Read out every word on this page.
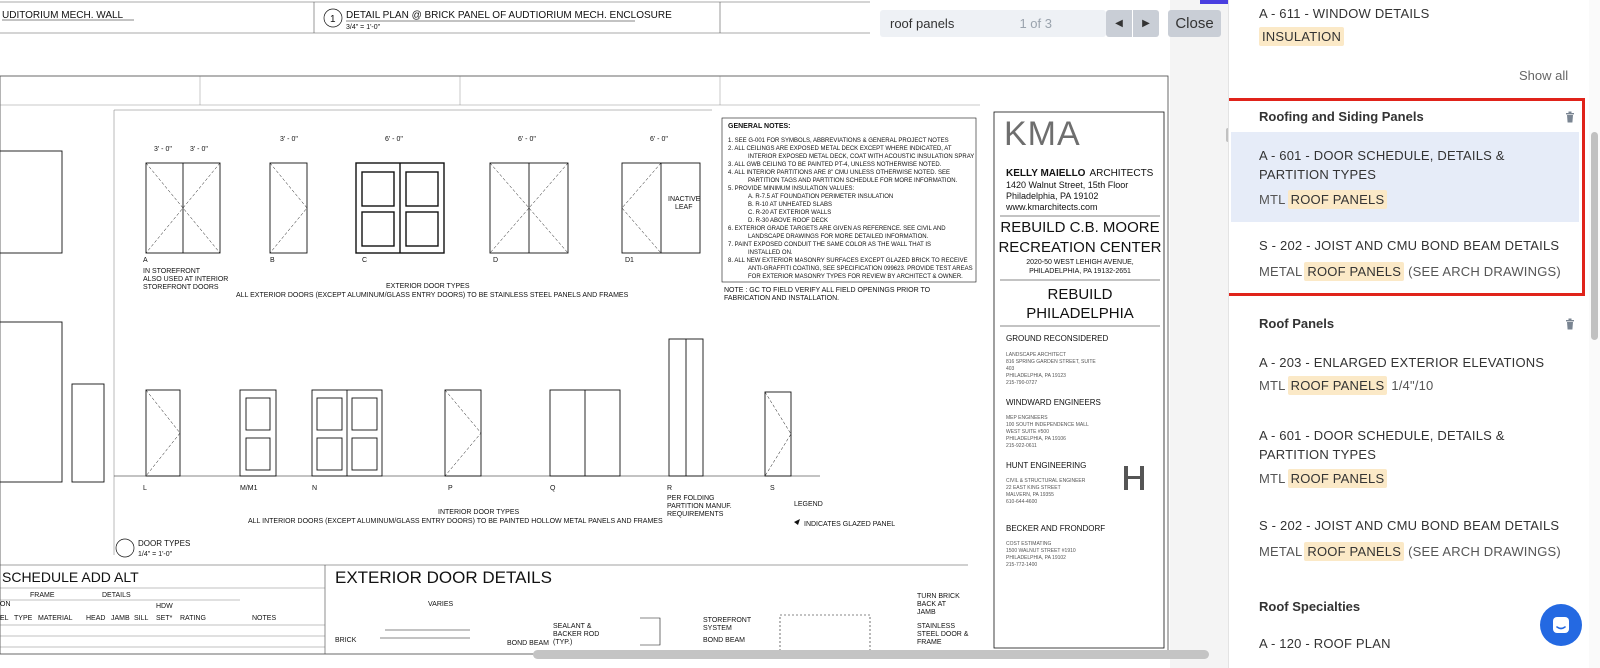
UDITORIUM MECH. WALL	1 DETAIL PLAN @ BRICK PANEL OF AUDTIORIUM MECH. ENCLOSURE
3/4" = 1'-0"
3' - 0"	3' - 0"
3' - 0"	6' - 0"	6' - 0"	6' - 0"
A	B	C	D	D1
IN STOREFRONT
ALSO USED AT INTERIOR
STOREFRONT DOORS
INACTIVE
LEAF
EXTERIOR DOOR TYPES
ALL EXTERIOR DOORS (EXCEPT ALUMINUM/GLASS ENTRY DOORS) TO BE STAINLESS STEEL PANELS AND FRAMES
L	M/M1	N	P	Q	R	S
PER FOLDING
PARTITION MANUF.
REQUIREMENTS
INTERIOR DOOR TYPES
ALL INTERIOR DOORS (EXCEPT ALUMINUM/GLASS ENTRY DOORS) TO BE PAINTED HOLLOW METAL PANELS AND FRAMES
LEGEND
INDICATES GLAZED PANEL
DOOR TYPES
1/4" = 1'-0"
SCHEDULE ADD ALT	EXTERIOR DOOR DETAILS
FRAME	DETAILS
TYPE MATERIAL HEAD JAMB SILL
HDW
SET* RATING	NOTES
EL
ON	VARIES
BRICK	BOND BEAM
SEALANT &
BACKER ROD
(TYP.)
STOREFRONT
SYSTEM
BOND BEAM
TURN BRICK
BACK AT
JAMB
STAINLESS
STEEL DOOR &
FRAME
GENERAL NOTES:
1. SEE G-001 FOR SYMBOLS, ABBREVIATIONS & GENERAL PROJECT NOTES
2. ALL CEILINGS ARE EXPOSED METAL DECK EXCEPT WHERE INDICATED, AT
INTERIOR EXPOSED METAL DECK, COAT WITH ACOUSTIC INSULATION SPRAY
3. ALL GWB CEILING TO BE PAINTED PT-4, UNLESS NOTHERWISE NOTED.
4. ALL INTERIOR PARTITIONS ARE 8" CMU UNLESS OTHERWISE NOTED. SEE
PARTITION TAGS AND PARTITION SCHEDULE FOR MORE INFORMATION.
5. PROVIDE MINIMUM INSULATION VALUES:
A. R-7.5 AT FOUNDATION PERIMETER INSULATION
B. R-10 AT UNHEATED SLABS
C. R-20 AT EXTERIOR WALLS
D. R-30 ABOVE ROOF DECK
6. EXTERIOR GRADE TARGETS ARE GIVEN AS REFERENCE. SEE CIVIL AND
LANDSCAPE DRAWINGS FOR MORE DETAILED INFORMATION.
7. PAINT EXPOSED CONDUIT THE SAME COLOR AS THE WALL THAT IS
INSTALLED ON.
8. ALL NEW EXTERIOR MASONRY SURFACES EXCEPT GLAZED BRICK TO RECEIVE
ANTI-GRAFFITI COATING, SEE SPECIFICATION 099623. PROVIDE TEST AREAS
FOR EXTERIOR MASONRY TYPES FOR REVIEW BY ARCHITECT & OWNER.
NOTE : GC TO FIELD VERIFY ALL FIELD OPENINGS PRIOR TO
FABRICATION AND INSTALLATION.
KMA
KELLY MAIELLO ARCHITECTS
1420 Walnut Street, 15th Floor
Philadelphia, PA 19102
www.kmarchitects.com
REBUILD C.B. MOORE
RECREATION CENTER
2020-50 WEST LEHIGH AVENUE,
PHILADELPHIA, PA 19132-2651
REBUILD
PHILADELPHIA
GROUND RECONSIDERED
LANDSCAPE ARCHITECT
816 SPRING GARDEN STREET, SUITE
403
PHILADELPHIA, PA 19123
215-790-0727
WINDWARD ENGINEERS
MEP ENGINEERS
100 SOUTH INDEPENDENCE MALL
WEST SUITE #500
PHILADELPHIA, PA 19106
215-922-0611
HUNT ENGINEERING
CIVIL & STRUCTURAL ENGINEER
22 EAST KING STREET
MALVERN, PA 19355
610-644-4600
BECKER AND FRONDORF
COST ESTIMATING
1500 WALNUT STREET #1910
PHILADELPHIA, PA 19102
215-772-1400
roof panels
1 of 3	◀ ▶	Close
A - 611 - WINDOW DETAILS
INSULATION
Show all
Roofing and Siding Panels
A - 601 - DOOR SCHEDULE, DETAILS & PARTITION TYPES
MTL ROOF PANELS
S - 202 - JOIST AND CMU BOND BEAM DETAILS
METAL ROOF PANELS (SEE ARCH DRAWINGS)
Roof Panels
A - 203 - ENLARGED EXTERIOR ELEVATIONS
MTL ROOF PANELS 1/4"/10
A - 601 - DOOR SCHEDULE, DETAILS & PARTITION TYPES
MTL ROOF PANELS
S - 202 - JOIST AND CMU BOND BEAM DETAILS
METAL ROOF PANELS (SEE ARCH DRAWINGS)
Roof Specialties
A - 120 - ROOF PLAN
